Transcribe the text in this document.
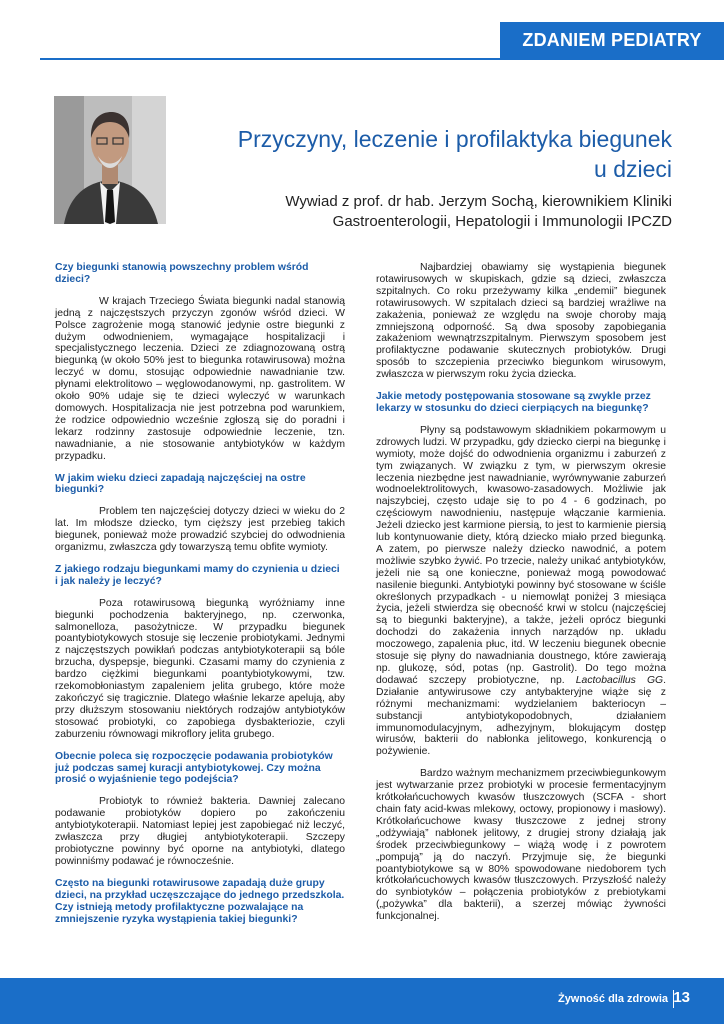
ZDANIEM PEDIATRY
Przyczyny, leczenie i profilaktyka biegunek
u dzieci
Wywiad z prof. dr hab. Jerzym Sochą, kierownikiem Kliniki
Gastroenterologii, Hepatologii i Immunologii IPCZD
Czy biegunki stanowią powszechny problem wśród dzieci?
W krajach Trzeciego Świata biegunki nadal stanowią jedną z najczęstszych przyczyn zgonów wśród dzieci. W Polsce zagrożenie mogą stanowić jedynie ostre biegunki z dużym odwodnieniem, wymagające hospitalizacji i specjalistycznego leczenia. Dzieci ze zdiagnozowaną ostrą biegunką (w około 50% jest to biegunka rotawirusowa) można leczyć w domu, stosując odpowiednie nawadnianie tzw. płynami elektrolitowo – węglowodanowymi, np. gastrolitem. W około 90% udaje się te dzieci wyleczyć w warunkach domowych. Hospitalizacja nie jest potrzebna pod warunkiem, że rodzice odpowiednio wcześnie zgłoszą się do poradni i lekarz rodzinny zastosuje odpowiednie leczenie, tzn. nawadnianie, a nie stosowanie antybiotyków w każdym przypadku.
W jakim wieku dzieci zapadają najczęściej na ostre biegunki?
Problem ten najczęściej dotyczy dzieci w wieku do 2 lat. Im młodsze dziecko, tym cięższy jest przebieg takich biegunek, ponieważ może prowadzić szybciej do odwodnienia organizmu, zwłaszcza gdy towarzyszą temu obfite wymioty.
Z jakiego rodzaju biegunkami mamy do czynienia u dzieci i jak należy je leczyć?
Poza rotawirusową biegunką wyróżniamy inne biegunki pochodzenia bakteryjnego, np. czerwonka, salmonelloza, pasożytnicze. W przypadku biegunek poantybiotykowych stosuje się leczenie probiotykami. Jednymi z najczęstszych powikłań podczas antybiotykoterapii są bóle brzucha, dyspepsje, biegunki. Czasami mamy do czynienia z bardzo ciężkimi biegunkami poantybiotykowymi, tzw. rzekomobłoniastym zapaleniem jelita grubego, które może zakończyć się tragicznie. Dlatego właśnie lekarze apelują, aby przy dłuższym stosowaniu niektórych rodzajów antybiotyków stosować probiotyki, co zapobiega dysbakteriozie, czyli zaburzeniu równowagi mikroflory jelita grubego.
Obecnie poleca się rozpoczęcie podawania probiotyków już podczas samej kuracji antybiotykowej. Czy można prosić o wyjaśnienie tego podejścia?
Probiotyk to również bakteria. Dawniej zalecano podawanie probiotyków dopiero po zakończeniu antybiotykoterapii. Natomiast lepiej jest zapobiegać niż leczyć, zwłaszcza przy długiej antybiotykoterapii. Szczepy probiotyczne powinny być oporne na antybiotyki, dlatego powinniśmy podawać je równocześnie.
Często na biegunki rotawirusowe zapadają duże grupy dzieci, na przykład uczęszczające do jednego przedszkola. Czy istnieją metody profilaktyczne pozwalające na zmniejszenie ryzyka wystąpienia takiej biegunki?
Najbardziej obawiamy się wystąpienia biegunek rotawirusowych w skupiskach, gdzie są dzieci, zwłaszcza szpitalnych. Co roku przeżywamy kilka „endemii” biegunek rotawirusowych. W szpitalach dzieci są bardziej wrażliwe na zakażenia, ponieważ ze względu na swoje choroby mają zmniejszoną odporność. Są dwa sposoby zapobiegania zakażeniom wewnątrzszpitalnym. Pierwszym sposobem jest profilaktyczne podawanie skutecznych probiotyków. Drugi sposób to szczepienia przeciwko biegunkom wirusowym, zwłaszcza w pierwszym roku życia dziecka.
Jakie metody postępowania stosowane są zwykle przez lekarzy w stosunku do dzieci cierpiących na biegunkę?
Płyny są podstawowym składnikiem pokarmowym u zdrowych ludzi. W przypadku, gdy dziecko cierpi na biegunkę i wymioty, może dojść do odwodnienia organizmu i zaburzeń z tym związanych. W związku z tym, w pierwszym okresie leczenia niezbędne jest nawadnianie, wyrównywanie zaburzeń wodnoelektrolitowych, kwasowo-zasadowych. Możliwie jak najszybciej, często udaje się to po 4 - 6 godzinach, po częściowym nawodnieniu, następuje włączanie karmienia. Jeżeli dziecko jest karmione piersią, to jest to karmienie piersią lub kontynuowanie diety, którą dziecko miało przed biegunką. A zatem, po pierwsze należy dziecko nawodnić, a potem możliwie szybko żywić. Po trzecie, należy unikać antybiotyków, jeżeli nie są one konieczne, ponieważ mogą powodować nasilenie biegunki. Antybiotyki powinny być stosowane w ściśle określonych przypadkach - u niemowląt poniżej 3 miesiąca życia, jeżeli stwierdza się obecność krwi w stolcu (najczęściej są to biegunki bakteryjne), a także, jeżeli oprócz biegunki dochodzi do zakażenia innych narządów np. układu moczowego, zapalenia płuc, itd. W leczeniu biegunek obecnie stosuje się płyny do nawadniania doustnego, które zawierają np. glukozę, sód, potas (np. Gastrolit). Do tego można dodawać szczepy probiotyczne, np. Lactobacillus GG. Działanie antywirusowe czy antybakteryjne wiąże się z różnymi mechanizmami: wydzielaniem bakteriocyn – substancji antybiotykopodobnych, działaniem immunomodulacyjnym, adhezyjnym, blokującym dostęp wirusów, bakterii do nabłonka jelitowego, konkurencją o pożywienie.
Bardzo ważnym mechanizmem przeciwbiegunkowym jest wytwarzanie przez probiotyki w procesie fermentacyjnym krótkołańcuchowych kwasów tłuszczowych (SCFA - short chain faty acid-kwas mlekowy, octowy, propionowy i masłowy). Krótkołańcuchowe kwasy tłuszczowe z jednej strony „odżywiają” nabłonek jelitowy, z drugiej strony działają jak środek przeciwbiegunkowy – wiążą wodę i z powrotem „pompują” ją do naczyń. Przyjmuje się, że biegunki poantybiotykowe są w 80% spowodowane niedoborem tych krótkołańcuchowych kwasów tłuszczowych. Przyszłość należy do synbiotyków – połączenia probiotyków z prebiotykami („pożywka” dla bakterii), a szerzej mówiąc żywności funkcjonalnej.
Żywność dla zdrowia 13
